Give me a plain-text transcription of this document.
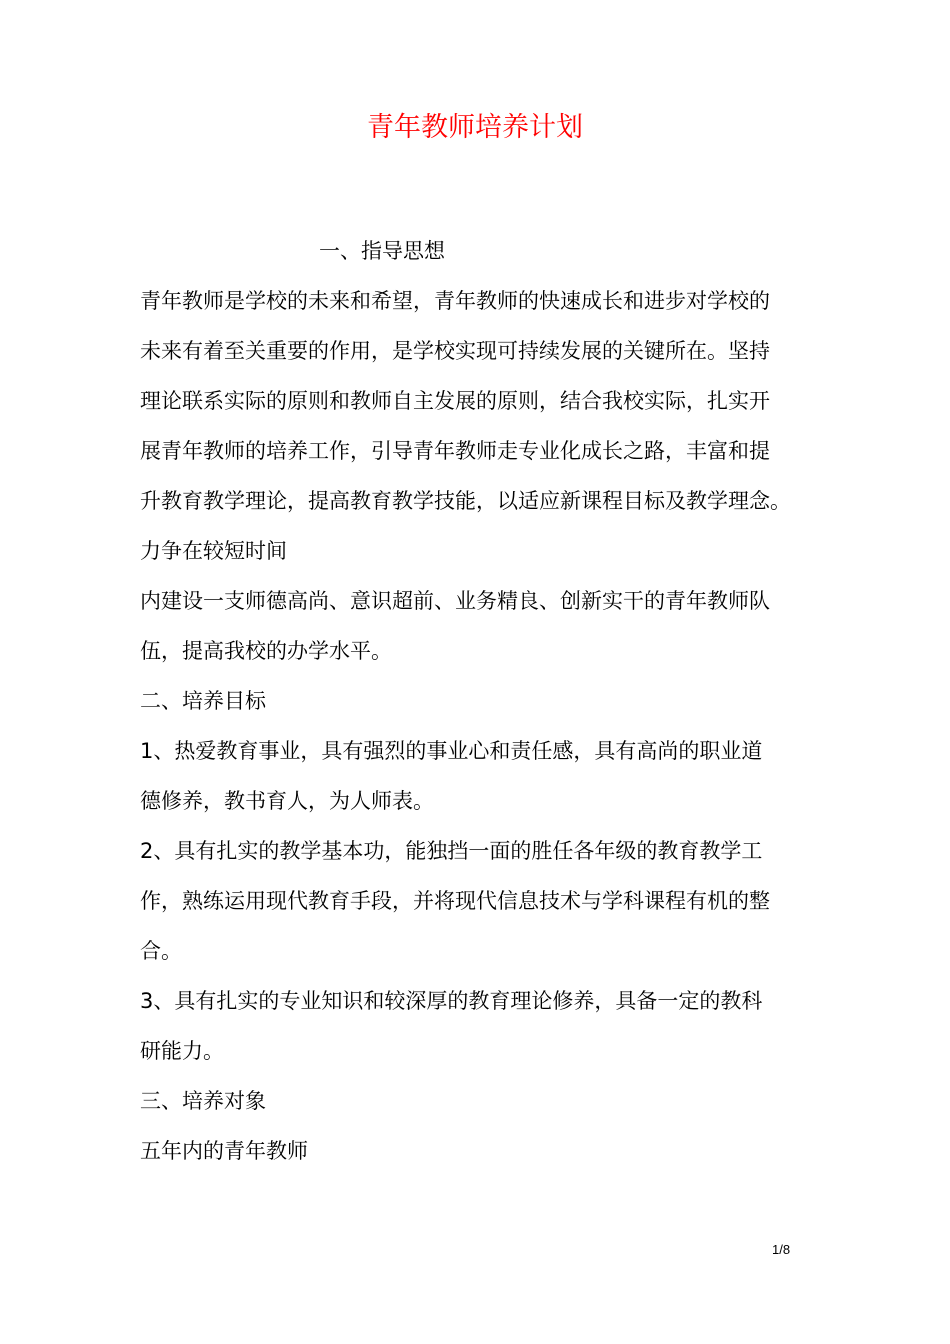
青年教师培养计划
一、指导思想
青年教师是学校的未来和希望，青年教师的快速成长和进步对学校的
未来有着至关重要的作用，是学校实现可持续发展的关键所在。坚持
理论联系实际的原则和教师自主发展的原则，结合我校实际，扎实开
展青年教师的培养工作，引导青年教师走专业化成长之路，丰富和提
升教育教学理论，提高教育教学技能，以适应新课程目标及教学理念。
力争在较短时间
内建设一支师德高尚、意识超前、业务精良、创新实干的青年教师队
伍，提高我校的办学水平。
二、培养目标
1、热爱教育事业，具有强烈的事业心和责任感，具有高尚的职业道
德修养，教书育人，为人师表。
2、具有扎实的教学基本功，能独挡一面的胜任各年级的教育教学工
作，熟练运用现代教育手段，并将现代信息技术与学科课程有机的整
合。
3、具有扎实的专业知识和较深厚的教育理论修养，具备一定的教科
研能力。
三、培养对象
五年内的青年教师
1/8
